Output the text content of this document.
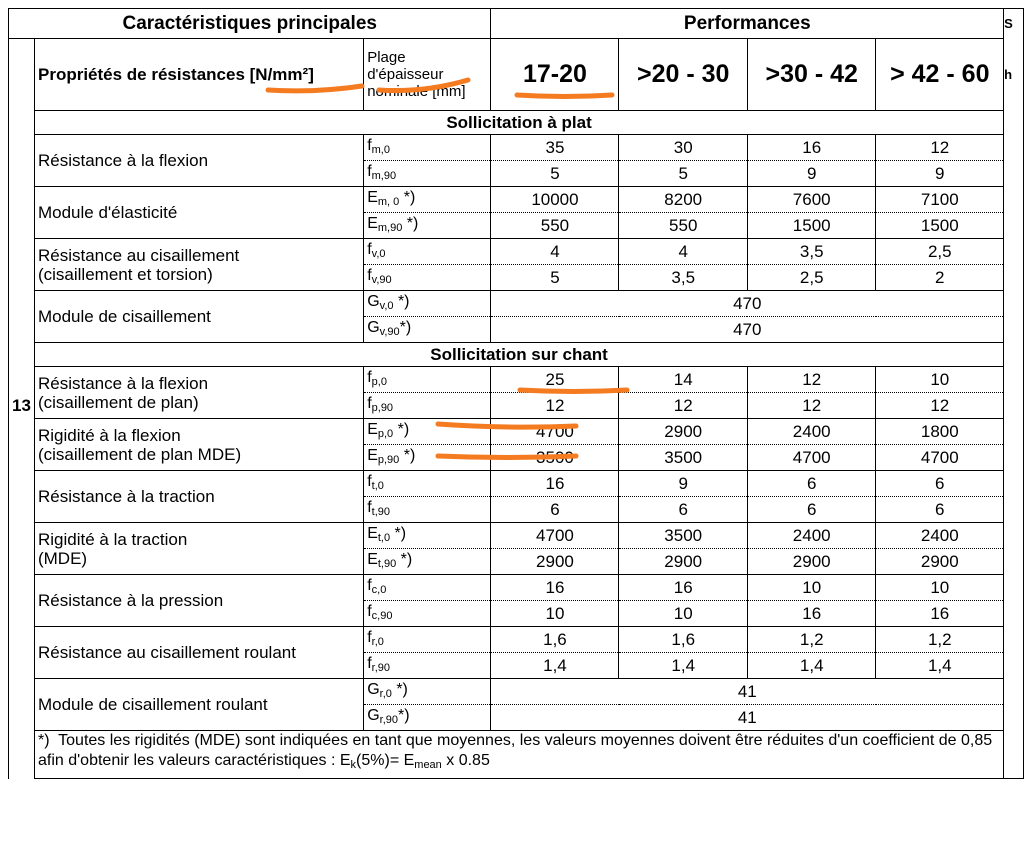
Caractéristiques principales			Performances				S
	Propriétés de résistances [N/mm²]	Plage
d'épaisseur
nominale [mm]	17-20	>20 - 30	>30 - 42	> 42 - 60	h
	Sollicitation à plat						
	Résistance à la flexion	$f_{m,0}$	35	30	16	12	
		$f_{m,90}$	5	5	9	9	
	Module d'élasticité	$E_{m, 0}$ *)	10000	8200	7600	7100	
		$E_{m,90}$ *)	550	550	1500	1500	
	Résistance au cisaillement
(cisaillement et torsion)	$f_{v,0}$	4	4	3,5	2,5	
		$f_{v,90}$	5	3,5	2,5	2	
	Module de cisaillement	$G_{v,0}$ *)	470				
		$G_{v,90}*$)	470				
	Sollicitation sur chant						
	Résistance à la flexion
(cisaillement de plan)	$f_{p,0}$	25	14	12	10	
13		$f_{p,90}$	12	12	12	12	
	Rigidité à la flexion
(cisaillement de plan MDE)	$E_{p,0}$ *)	4700	2900	2400	1800	
		$E_{p,90}$ *)	3500	3500	4700	4700	
	Résistance à la traction	$f_{t,0}$	16	9	6	6	
		$f_{t,90}$	6	6	6	6	
	Rigidité à la traction
(MDE)	$E_{t,0}$ *)	4700	3500	2400	2400	
		$E_{t,90}$ *)	2900	2900	2900	2900	
	Résistance à la pression	$f_{c,0}$	16	16	10	10	
		$f_{c,90}$	10	10	16	16	
	Résistance au cisaillement roulant	$f_{r,0}$	1,6	1,6	1,2	1,2	
		$f_{r,90}$	1,4	1,4	1,4	1,4	
	Module de cisaillement roulant	$G_{r,0}$ *)	41				
		$G_{r,90}*$)	41				
	*) Toutes les rigidités (MDE) sont indiquées en tant que moyennes, les valeurs moyennes doivent être réduites d'un coefficient de 0,85 afin d'obtenir les valeurs caractéristiques : $E_k(5\%)= E_{mean}$ x 0.85						
